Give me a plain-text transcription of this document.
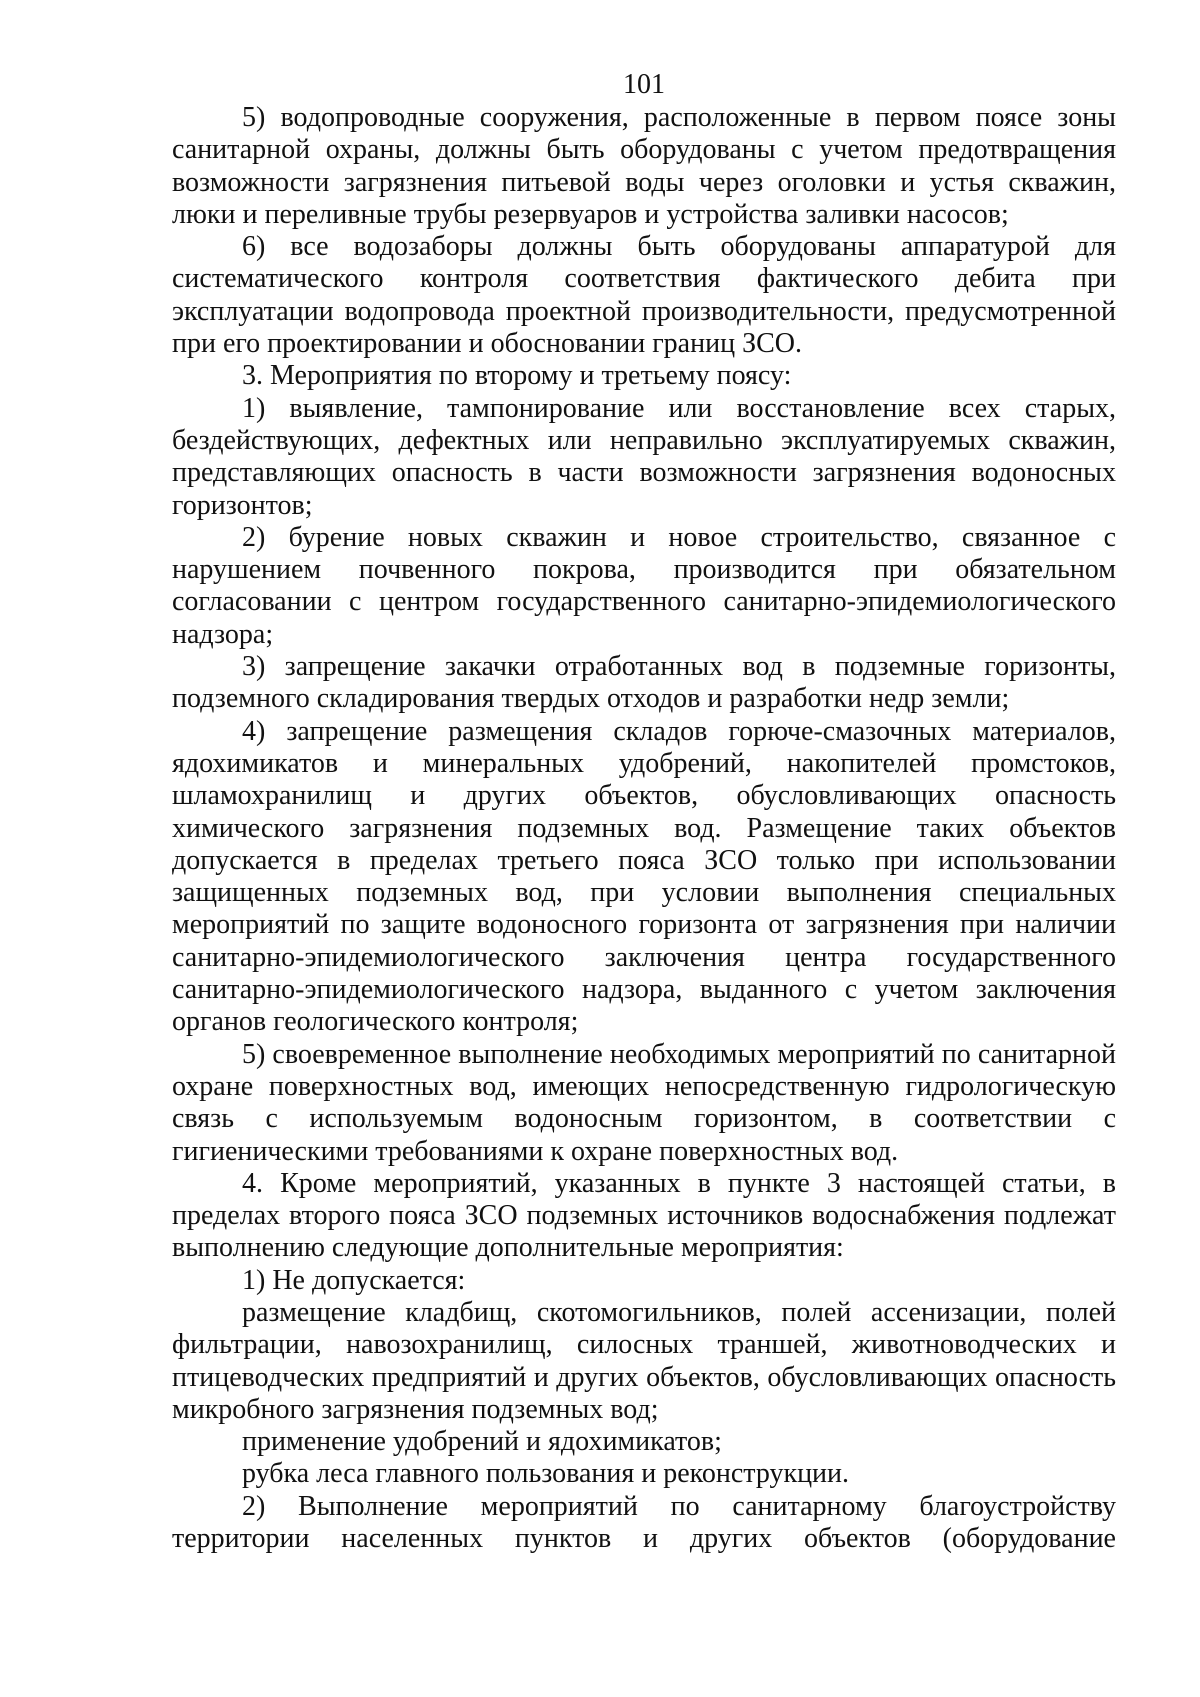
101

5) водопроводные сооружения, расположенные в первом поясе зоны санитарной охраны, должны быть оборудованы с учетом предотвращения возможности загрязнения питьевой воды через оголовки и устья скважин, люки и переливные трубы резервуаров и устройства заливки насосов;

6) все водозаборы должны быть оборудованы аппаратурой для систематического контроля соответствия фактического дебита при эксплуатации водопровода проектной производительности, предусмотренной при его проектировании и обосновании границ ЗСО.

3. Мероприятия по второму и третьему поясу:

1) выявление, тампонирование или восстановление всех старых, бездействующих, дефектных или неправильно эксплуатируемых скважин, представляющих опасность в части возможности загрязнения водоносных горизонтов;

2) бурение новых скважин и новое строительство, связанное с нарушением почвенного покрова, производится при обязательном согласовании с центром государственного санитарно-эпидемиологического надзора;

3) запрещение закачки отработанных вод в подземные горизонты, подземного складирования твердых отходов и разработки недр земли;

4) запрещение размещения складов горюче-смазочных материалов, ядохимикатов и минеральных удобрений, накопителей промстоков, шламохранилищ и других объектов, обусловливающих опасность химического загрязнения подземных вод. Размещение таких объектов допускается в пределах третьего пояса ЗСО только при использовании защищенных подземных вод, при условии выполнения специальных мероприятий по защите водоносного горизонта от загрязнения при наличии санитарно-эпидемиологического заключения центра государственного санитарно-эпидемиологического надзора, выданного с учетом заключения органов геологического контроля;

5) своевременное выполнение необходимых мероприятий по санитарной охране поверхностных вод, имеющих непосредственную гидрологическую связь с используемым водоносным горизонтом, в соответствии с гигиеническими требованиями к охране поверхностных вод.

4. Кроме мероприятий, указанных в пункте 3 настоящей статьи, в пределах второго пояса ЗСО подземных источников водоснабжения подлежат выполнению следующие дополнительные мероприятия:

1) Не допускается:

размещение кладбищ, скотомогильников, полей ассенизации, полей фильтрации, навозохранилищ, силосных траншей, животноводческих и птицеводческих предприятий и других объектов, обусловливающих опасность микробного загрязнения подземных вод;

применение удобрений и ядохимикатов;

рубка леса главного пользования и реконструкции.

2) Выполнение мероприятий по санитарному благоустройству территории населенных пунктов и других объектов (оборудование
